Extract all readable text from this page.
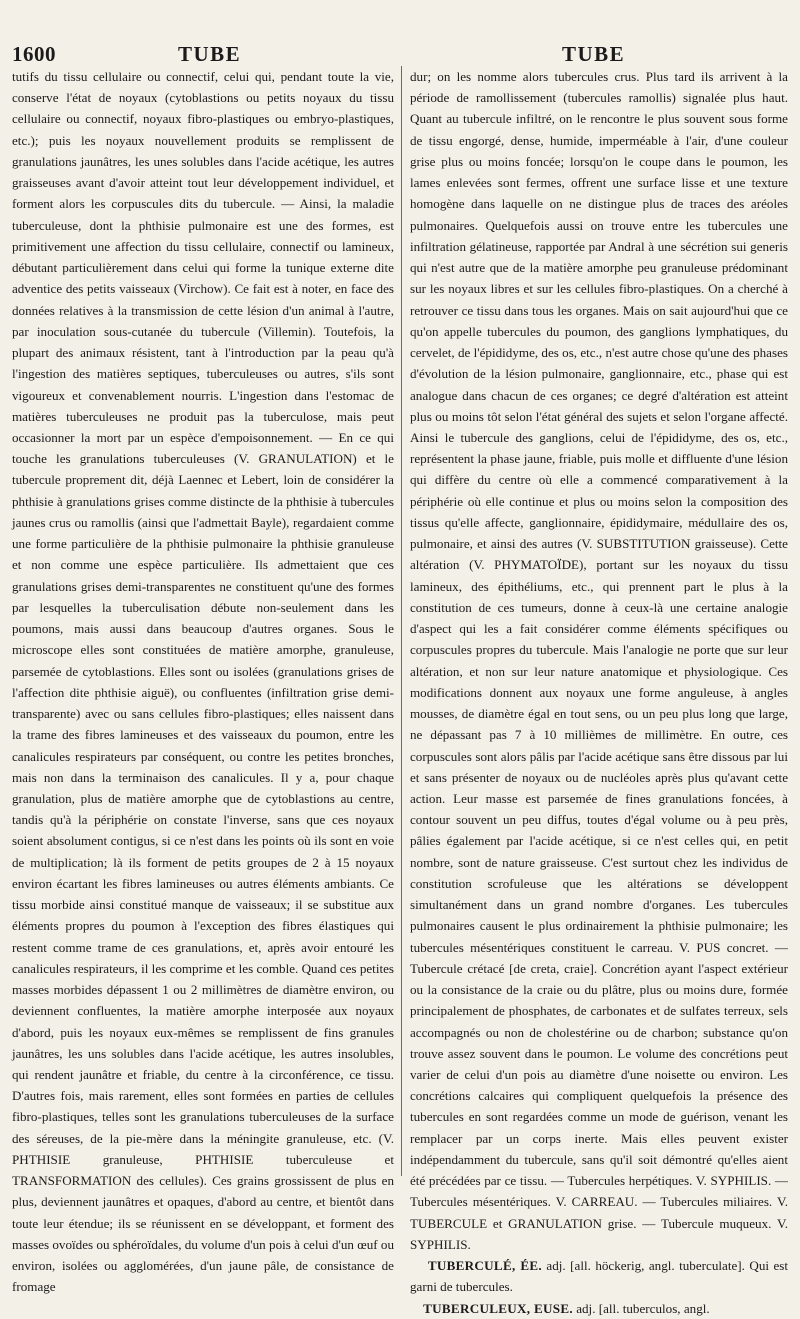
1600	TUBE	TUBE

tutifs du tissu cellulaire ou connectif, celui qui, pendant toute la vie, conserve l'état de noyaux (cytoblastions ou petits noyaux du tissu cellulaire ou connectif, noyaux fibro-plastiques ou embryo-plastiques, etc.); puis les noyaux nouvellement produits se remplissent de granulations jaunâtres, les unes solubles dans l'acide acétique, les autres graisseuses avant d'avoir atteint tout leur développement individuel, et forment alors les corpuscules dits du tubercule. — Ainsi, la maladie tuberculeuse, dont la phthisie pulmonaire est une des formes, est primitivement une affection du tissu cellulaire, connectif ou lamineux, débutant particulièrement dans celui qui forme la tunique externe dite adventice des petits vaisseaux (Virchow). Ce fait est à noter, en face des données relatives à la transmission de cette lésion d'un animal à l'autre, par inoculation sous-cutanée du tubercule (Villemin). Toutefois, la plupart des animaux résistent, tant à l'introduction par la peau qu'à l'ingestion des matières septiques, tuberculeuses ou autres, s'ils sont vigoureux et convenablement nourris. L'ingestion dans l'estomac de matières tuberculeuses ne produit pas la tuberculose, mais peut occasionner la mort par un espèce d'empoisonnement. — En ce qui touche les granulations tuberculeuses (V. GRANULATION) et le tubercule proprement dit, déjà Laennec et Lebert, loin de considérer la phthisie à granulations grises comme distincte de la phthisie à tubercules jaunes crus ou ramollis (ainsi que l'admettait Bayle), regardaient comme une forme particulière de la phthisie pulmonaire la phthisie granuleuse et non comme une espèce particulière. Ils admettaient que ces granulations grises demi-transparentes ne constituent qu'une des formes par lesquelles la tuberculisation débute non-seulement dans les poumons, mais aussi dans beaucoup d'autres organes. Sous le microscope elles sont constituées de matière amorphe, granuleuse, parsemée de cytoblastions. Elles sont ou isolées (granulations grises de l'affection dite phthisie aiguë), ou confluentes (infiltration grise demi-transparente) avec ou sans cellules fibro-plastiques; elles naissent dans la trame des fibres lamineuses et des vaisseaux du poumon, entre les canalicules respirateurs par conséquent, ou contre les petites bronches, mais non dans la terminaison des canalicules. Il y a, pour chaque granulation, plus de matière amorphe que de cytoblastions au centre, tandis qu'à la périphérie on constate l'inverse, sans que ces noyaux soient absolument contigus, si ce n'est dans les points où ils sont en voie de multiplication; là ils forment de petits groupes de 2 à 15 noyaux environ écartant les fibres lamineuses ou autres éléments ambiants. Ce tissu morbide ainsi constitué manque de vaisseaux; il se substitue aux éléments propres du poumon à l'exception des fibres élastiques qui restent comme trame de ces granulations, et, après avoir entouré les canalicules respirateurs, il les comprime et les comble. Quand ces petites masses morbides dépassent 1 ou 2 millimètres de diamètre environ, ou deviennent confluentes, la matière amorphe interposée aux noyaux d'abord, puis les noyaux eux-mêmes se remplissent de fins granules jaunâtres, les uns solubles dans l'acide acétique, les autres insolubles, qui rendent jaunâtre et friable, du centre à la circonférence, ce tissu. D'autres fois, mais rarement, elles sont formées en parties de cellules fibro-plastiques, telles sont les granulations tuberculeuses de la surface des séreuses, de la pie-mère dans la méningite granuleuse, etc. (V. PHTHISIE granuleuse, PHTHISIE tuberculeuse et TRANSFORMATION des cellules). Ces grains grossissent de plus en plus, deviennent jaunâtres et opaques, d'abord au centre, et bientôt dans toute leur étendue; ils se réunissent en se développant, et forment des masses ovoïdes ou sphéroïdales, du volume d'un pois à celui d'un œuf ou environ, isolées ou agglomérées, d'un jaune pâle, de consistance de fromage

dur; on les nomme alors tubercules crus. Plus tard ils arrivent à la période de ramollissement (tubercules ramollis) signalée plus haut. Quant au tubercule infiltré, on le rencontre le plus souvent sous forme de tissu engorgé, dense, humide, imperméable à l'air, d'une couleur grise plus ou moins foncée; lorsqu'on le coupe dans le poumon, les lames enlevées sont fermes, offrent une surface lisse et une texture homogène dans laquelle on ne distingue plus de traces des aréoles pulmonaires. Quelquefois aussi on trouve entre les tubercules une infiltration gélatineuse, rapportée par Andral à une sécrétion sui generis qui n'est autre que de la matière amorphe peu granuleuse prédominant sur les noyaux libres et sur les cellules fibro-plastiques. On a cherché à retrouver ce tissu dans tous les organes. Mais on sait aujourd'hui que ce qu'on appelle tubercules du poumon, des ganglions lymphatiques, du cervelet, de l'épididyme, des os, etc., n'est autre chose qu'une des phases d'évolution de la lésion pulmonaire, ganglionnaire, etc., phase qui est analogue dans chacun de ces organes; ce degré d'altération est atteint plus ou moins tôt selon l'état général des sujets et selon l'organe affecté. Ainsi le tubercule des ganglions, celui de l'épididyme, des os, etc., représentent la phase jaune, friable, puis molle et diffluente d'une lésion qui diffère du centre où elle a commencé comparativement à la périphérie où elle continue et plus ou moins selon la composition des tissus qu'elle affecte, ganglionnaire, épididymaire, médullaire des os, pulmonaire, et ainsi des autres (V. SUBSTITUTION graisseuse). Cette altération (V. PHYMATOÏDE), portant sur les noyaux du tissu lamineux, des épithéliums, etc., qui prennent part le plus à la constitution de ces tumeurs, donne à ceux-là une certaine analogie d'aspect qui les a fait considérer comme éléments spécifiques ou corpuscules propres du tubercule. Mais l'analogie ne porte que sur leur altération, et non sur leur nature anatomique et physiologique. Ces modifications donnent aux noyaux une forme anguleuse, à angles mousses, de diamètre égal en tout sens, ou un peu plus long que large, ne dépassant pas 7 à 10 millièmes de millimètre. En outre, ces corpuscules sont alors pâlis par l'acide acétique sans être dissous par lui et sans présenter de noyaux ou de nucléoles après plus qu'avant cette action. Leur masse est parsemée de fines granulations foncées, à contour souvent un peu diffus, toutes d'égal volume ou à peu près, pâlies également par l'acide acétique, si ce n'est celles qui, en petit nombre, sont de nature graisseuse. C'est surtout chez les individus de constitution scrofuleuse que les altérations se développent simultanément dans un grand nombre d'organes. Les tubercules pulmonaires causent le plus ordinairement la phthisie pulmonaire; les tubercules mésentériques constituent le carreau. V. PUS concret. — Tubercule crétacé [de creta, craie]. Concrétion ayant l'aspect extérieur ou la consistance de la craie ou du plâtre, plus ou moins dure, formée principalement de phosphates, de carbonates et de sulfates terreux, sels accompagnés ou non de cholestérine ou de charbon; substance qu'on trouve assez souvent dans le poumon. Le volume des concrétions peut varier de celui d'un pois au diamètre d'une noisette ou environ. Les concrétions calcaires qui compliquent quelquefois la présence des tubercules en sont regardées comme un mode de guérison, venant les remplacer par un corps inerte. Mais elles peuvent exister indépendamment du tubercule, sans qu'il soit démontré qu'elles aient été précédées par ce tissu. — Tubercules herpétiques. V. SYPHILIS. — Tubercules mésentériques. V. CARREAU. — Tubercules miliaires. V. TUBERCULE et GRANULATION grise. — Tubercule muqueux. V. SYPHILIS.

TUBERCULÉ, ÉE. adj. [all. höckerig, angl. tuberculate]. Qui est garni de tubercules.

TUBERCULEUX, EUSE. adj. [all. tuberculos, angl.
